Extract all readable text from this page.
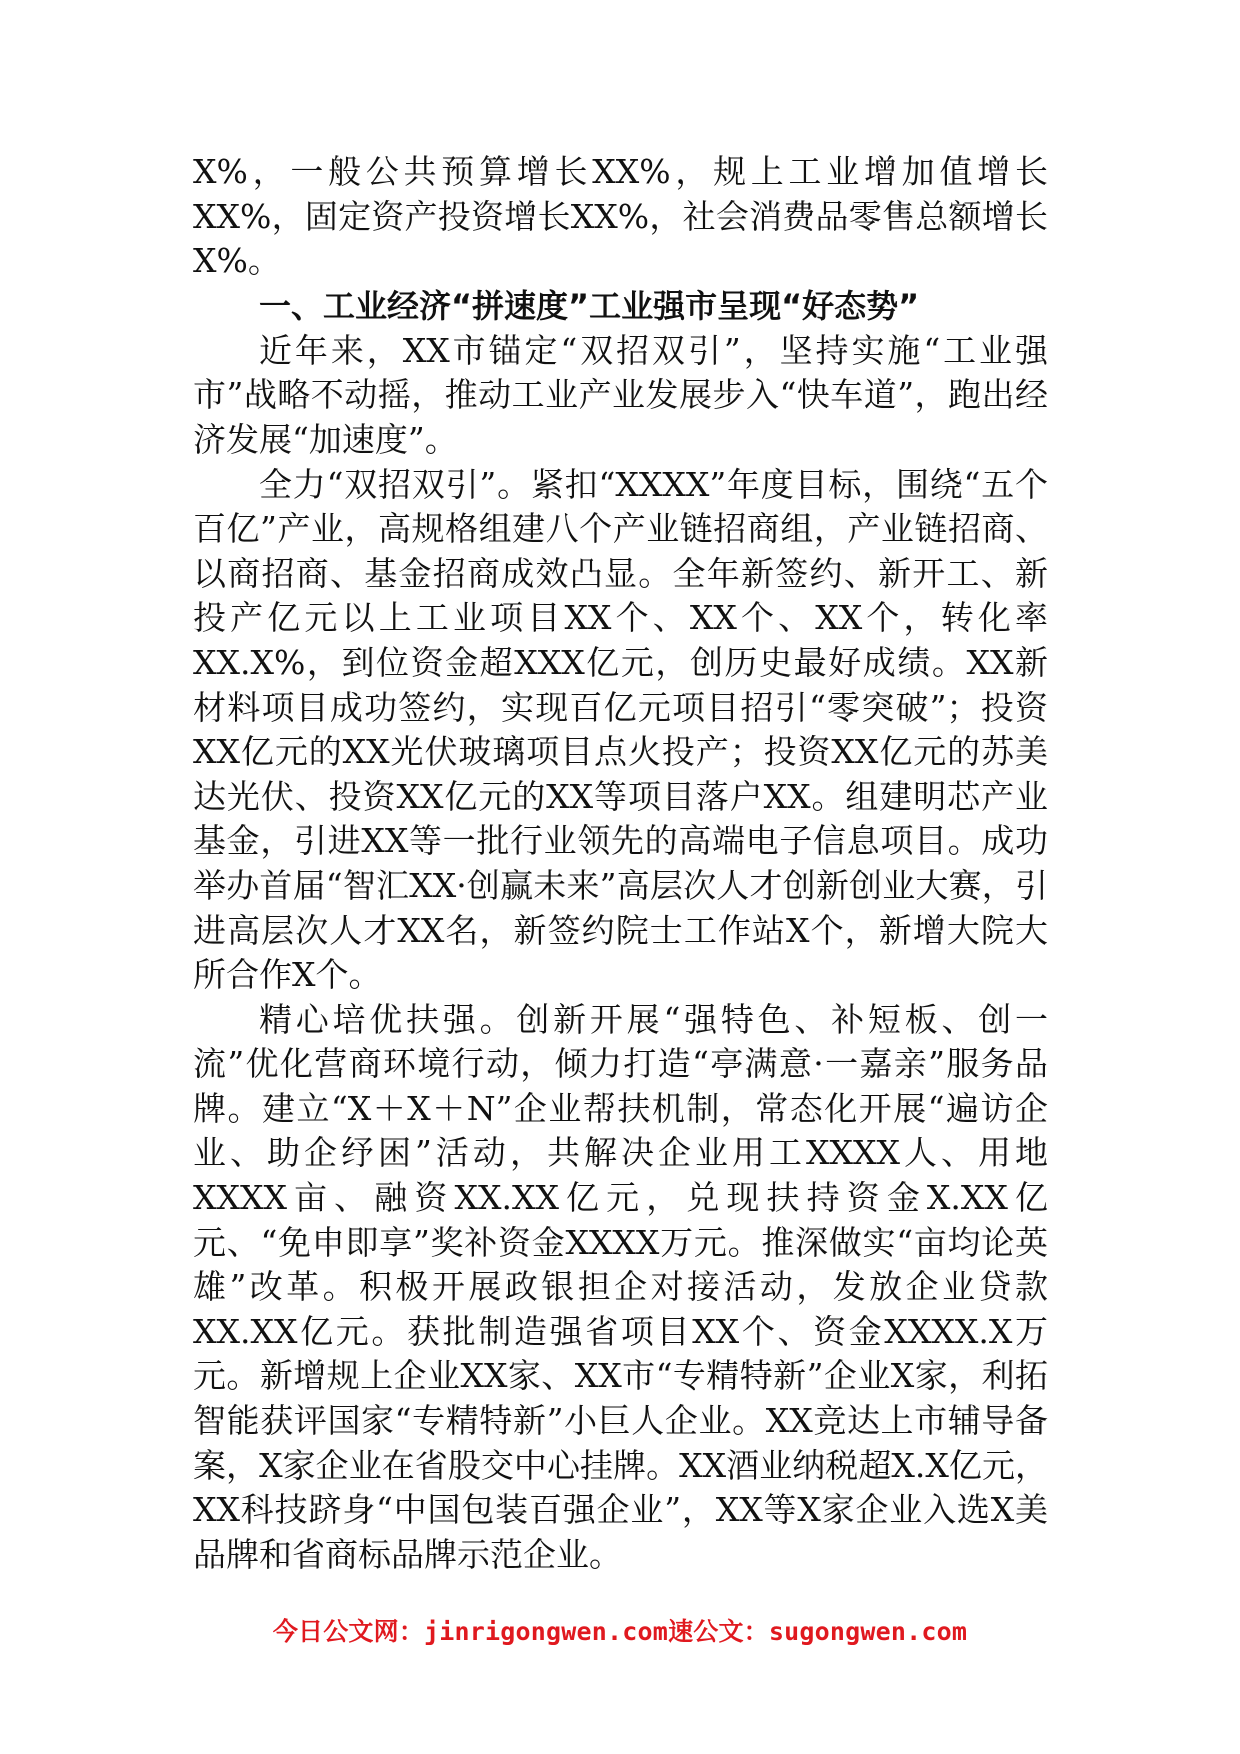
X%，一般公共预算增长XX%，规上工业增加值增长XX%，固定资产投资增长XX%，社会消费品零售总额增长X%。

一、工业经济“拼速度”工业强市呈现“好态势”

近年来，XX市锚定“双招双引”，坚持实施“工业强市”战略不动摇，推动工业产业发展步入“快车道”，跑出经济发展“加速度”。

全力“双招双引”。紧扣“XXXX”年度目标，围绕“五个百亿”产业，高规格组建八个产业链招商组，产业链招商、以商招商、基金招商成效凸显。全年新签约、新开工、新投产亿元以上工业项目XX个、XX个、XX个，转化率XX.X%，到位资金超XXX亿元，创历史最好成绩。XX新材料项目成功签约，实现百亿元项目招引“零突破”；投资XX亿元的XX光伏玻璃项目点火投产；投资XX亿元的苏美达光伏、投资XX亿元的XX等项目落户XX。组建明芯产业基金，引进XX等一批行业领先的高端电子信息项目。成功举办首届“智汇XX·创赢未来”高层次人才创新创业大赛，引进高层次人才XX名，新签约院士工作站X个，新增大院大所合作X个。

精心培优扶强。创新开展“强特色、补短板、创一流”优化营商环境行动，倾力打造“亭满意·一嘉亲”服务品牌。建立“X＋X＋N”企业帮扶机制，常态化开展“遍访企业、助企纾困”活动，共解决企业用工XXXX人、用地XXXX亩、融资XX.XX亿元，兑现扶持资金X.XX亿元、“免申即享”奖补资金XXXX万元。推深做实“亩均论英雄”改革。积极开展政银担企对接活动，发放企业贷款XX.XX亿元。获批制造强省项目XX个、资金XXXX.X万元。新增规上企业XX家、XX市“专精特新”企业X家，利拓智能获评国家“专精特新”小巨人企业。XX竞达上市辅导备案，X家企业在省股交中心挂牌。XX酒业纳税超X.X亿元，XX科技跻身“中国包装百强企业”，XX等X家企业入选X美品牌和省商标品牌示范企业。

今日公文网：jinrigongwen.com速公文：sugongwen.com
